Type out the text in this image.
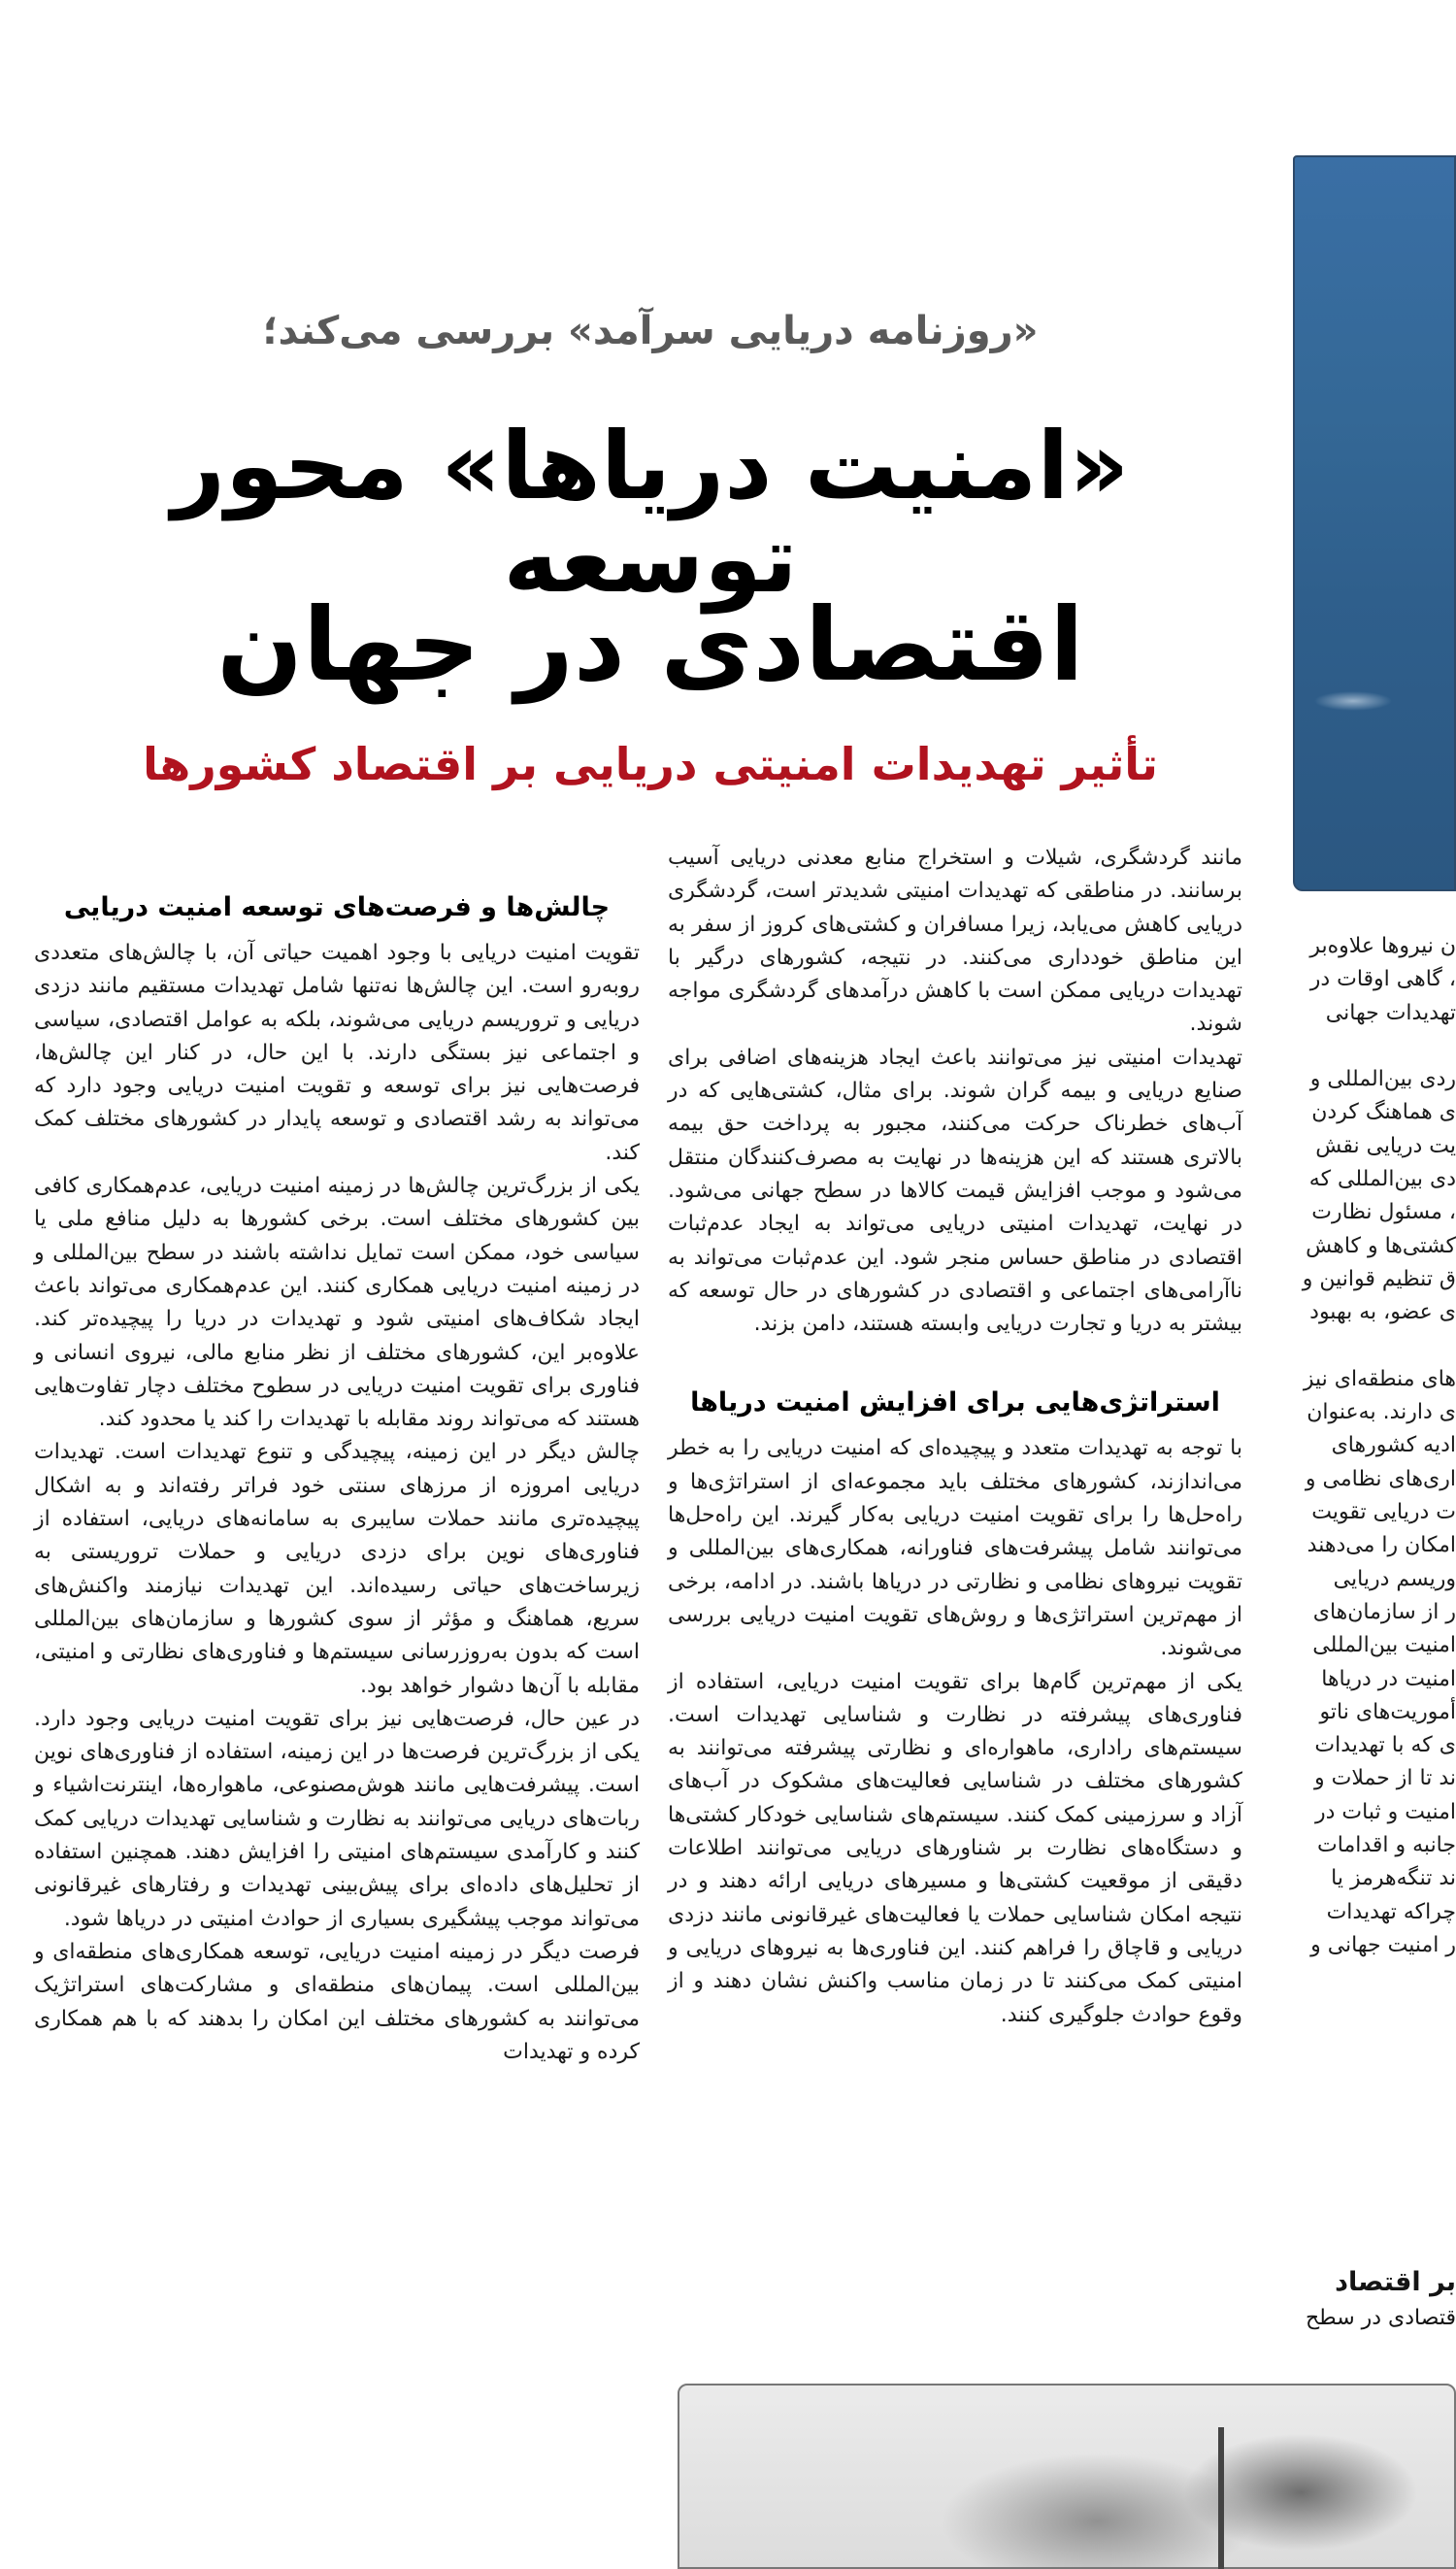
«روزنامه دریایی سرآمد» بررسی می‌کند؛
«امنیت دریاها» محور توسعه
اقتصادی در جهان
تأثیر تهدیدات امنیتی دریایی بر اقتصاد کشورها

مانند گردشگری، شیلات و استخراج منابع معدنی دریایی آسیب برسانند. در مناطقی که تهدیدات امنیتی شدیدتر است، گردشگری دریایی کاهش می‌یابد، زیرا مسافران و کشتی‌های کروز از سفر به این مناطق خودداری می‌کنند. در نتیجه، کشورهای درگیر با تهدیدات دریایی ممکن است با کاهش درآمدهای گردشگری مواجه شوند.

تهدیدات امنیتی نیز می‌توانند باعث ایجاد هزینه‌های اضافی برای صنایع دریایی و بیمه گران شوند. برای مثال، کشتی‌هایی که در آب‌های خطرناک حرکت می‌کنند، مجبور به پرداخت حق بیمه بالاتری هستند که این هزینه‌ها در نهایت به مصرف‌کنندگان منتقل می‌شود و موجب افزایش قیمت کالاها در سطح جهانی می‌شود. در نهایت، تهدیدات امنیتی دریایی می‌تواند به ایجاد عدم‌ثبات اقتصادی در مناطق حساس منجر شود. این عدم‌ثبات می‌تواند به ناآرامی‌های اجتماعی و اقتصادی در کشورهای در حال توسعه که بیشتر به دریا و تجارت دریایی وابسته هستند، دامن بزند.

استراتژی‌هایی برای افزایش امنیت دریاها

با توجه به تهدیدات متعدد و پیچیده‌ای که امنیت دریایی را به خطر می‌اندازند، کشورهای مختلف باید مجموعه‌ای از استراتژی‌ها و راه‌حل‌ها را برای تقویت امنیت دریایی به‌کار گیرند. این راه‌حل‌ها می‌توانند شامل پیشرفت‌های فناورانه، همکاری‌های بین‌المللی و تقویت نیروهای نظامی و نظارتی در دریاها باشند. در ادامه، برخی از مهم‌ترین استراتژی‌ها و روش‌های تقویت امنیت دریایی بررسی می‌شوند.

یکی از مهم‌ترین گام‌ها برای تقویت امنیت دریایی، استفاده از فناوری‌های پیشرفته در نظارت و شناسایی تهدیدات است. سیستم‌های راداری، ماهواره‌ای و نظارتی پیشرفته می‌توانند به کشورهای مختلف در شناسایی فعالیت‌های مشکوک در آب‌های آزاد و سرزمینی کمک کنند. سیستم‌های شناسایی خودکار کشتی‌ها و دستگاه‌های نظارت بر شناورهای دریایی می‌توانند اطلاعات دقیقی از موقعیت کشتی‌ها و مسیرهای دریایی ارائه دهند و در نتیجه امکان شناسایی حملات یا فعالیت‌های غیرقانونی مانند دزدی دریایی و قاچاق را فراهم کنند. این فناوری‌ها به نیروهای دریایی و امنیتی کمک می‌کنند تا در زمان مناسب واکنش نشان دهند و از وقوع حوادث جلوگیری کنند.

چالش‌ها و فرصت‌های توسعه امنیت دریایی

تقویت امنیت دریایی با وجود اهمیت حیاتی آن، با چالش‌های متعددی روبه‌رو است. این چالش‌ها نه‌تنها شامل تهدیدات مستقیم مانند دزدی دریایی و تروریسم دریایی می‌شوند، بلکه به عوامل اقتصادی، سیاسی و اجتماعی نیز بستگی دارند. با این حال، در کنار این چالش‌ها، فرصت‌هایی نیز برای توسعه و تقویت امنیت دریایی وجود دارد که می‌تواند به رشد اقتصادی و توسعه پایدار در کشورهای مختلف کمک کند.

یکی از بزرگ‌ترین چالش‌ها در زمینه امنیت دریایی، عدم‌همکاری کافی بین کشورهای مختلف است. برخی کشورها به دلیل منافع ملی یا سیاسی خود، ممکن است تمایل نداشته باشند در سطح بین‌المللی و در زمینه امنیت دریایی همکاری کنند. این عدم‌همکاری می‌تواند باعث ایجاد شکاف‌های امنیتی شود و تهدیدات در دریا را پیچیده‌تر کند. علاوه‌بر این، کشورهای مختلف از نظر منابع مالی، نیروی انسانی و فناوری برای تقویت امنیت دریایی در سطوح مختلف دچار تفاوت‌هایی هستند که می‌تواند روند مقابله با تهدیدات را کند یا محدود کند.

چالش دیگر در این زمینه، پیچیدگی و تنوع تهدیدات است. تهدیدات دریایی امروزه از مرزهای سنتی خود فراتر رفته‌اند و به اشکال پیچیده‌تری مانند حملات سایبری به سامانه‌های دریایی، استفاده از فناوری‌های نوین برای دزدی دریایی و حملات تروریستی به زیرساخت‌های حیاتی رسیده‌اند. این تهدیدات نیازمند واکنش‌های سریع، هماهنگ و مؤثر از سوی کشورها و سازمان‌های بین‌المللی است که بدون به‌روزرسانی سیستم‌ها و فناوری‌های نظارتی و امنیتی، مقابله با آن‌ها دشوار خواهد بود.

در عین حال، فرصت‌هایی نیز برای تقویت امنیت دریایی وجود دارد. یکی از بزرگ‌ترین فرصت‌ها در این زمینه، استفاده از فناوری‌های نوین است. پیشرفت‌هایی مانند هوش‌مصنوعی، ماهواره‌ها، اینترنت‌اشیاء و ربات‌های دریایی می‌توانند به نظارت و شناسایی تهدیدات دریایی کمک کنند و کارآمدی سیستم‌های امنیتی را افزایش دهند. همچنین استفاده از تحلیل‌های داده‌ای برای پیش‌بینی تهدیدات و رفتارهای غیرقانونی می‌تواند موجب پیشگیری بسیاری از حوادث امنیتی در دریاها شود.

فرصت دیگر در زمینه امنیت دریایی، توسعه همکاری‌های منطقه‌ای و بین‌المللی است. پیمان‌های منطقه‌ای و مشارکت‌های استراتژیک می‌توانند به کشورهای مختلف این امکان را بدهند که با هم همکاری کرده و تهدیدات

ن نیروها علاوه‌بر
، گاهی اوقات در
تهدیدات جهانی
ردی بین‌المللی و
ی هماهنگ کردن
یت دریایی نقش
دی بین‌المللی که
، مسئول نظارت
کشتی‌ها و کاهش
ق تنظیم قوانین و
ی عضو، به بهبود
های منطقه‌ای نیز
ی دارند. به‌عنوان
ادیه کشورهای
اری‌های نظامی و
ت دریایی تقویت
امکان را می‌دهند
وریسم دریایی
ر از سازمان‌های
امنیت بین‌المللی
امنیت در دریاها
أموریت‌های ناتو
ی که با تهدیدات
ند تا از حملات و
امنیت و ثبات در
جانبه و اقدامات
ند تنگه‌هرمز یا
چراکه تهدیدات
ر امنیت جهانی و
بر اقتصاد
قتصادی در سطح
